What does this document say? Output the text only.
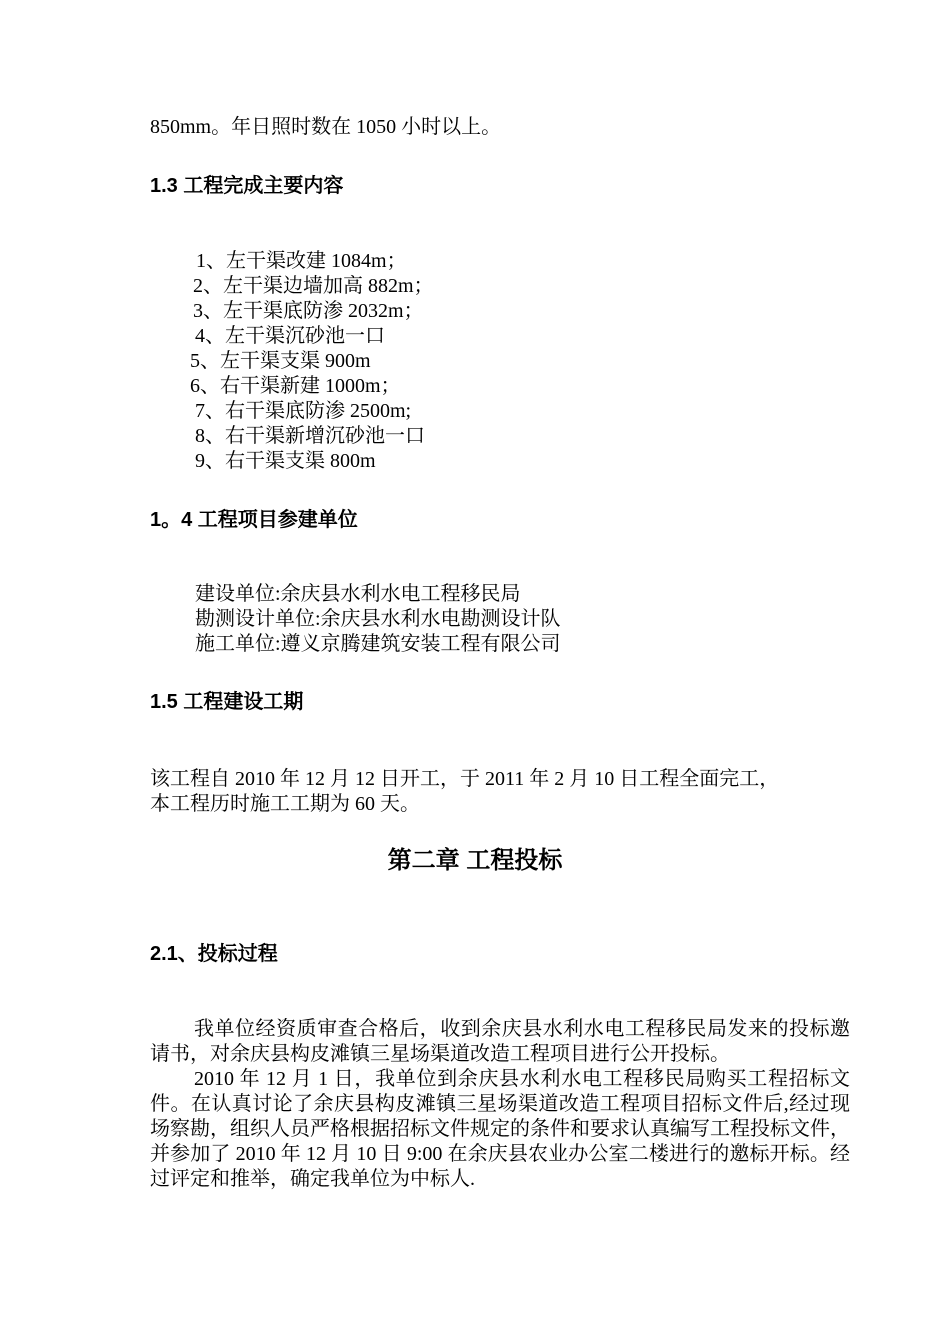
850mm。年日照时数在 1050 小时以上。
1.3 工程完成主要内容
1、左干渠改建 1084m；
2、左干渠边墙加高 882m；
3、左干渠底防渗 2032m；
4、左干渠沉砂池一口
5、左干渠支渠 900m
6、右干渠新建 1000m；
7、右干渠底防渗 2500m;
8、右干渠新增沉砂池一口
9、右干渠支渠 800m
1。4 工程项目参建单位
建设单位:余庆县水利水电工程移民局
勘测设计单位:余庆县水利水电勘测设计队
施工单位:遵义京腾建筑安装工程有限公司
1.5 工程建设工期
该工程自 2010 年 12 月 12 日开工，于 2011 年 2 月 10 日工程全面完工，
本工程历时施工工期为 60 天。
第二章 工程投标
2.1、投标过程

我单位经资质审查合格后，收到余庆县水利水电工程移民局发来的投标邀请书，对余庆县构皮滩镇三星场渠道改造工程项目进行公开投标。

2010 年 12 月 1 日，我单位到余庆县水利水电工程移民局购买工程招标文件。在认真讨论了余庆县构皮滩镇三星场渠道改造工程项目招标文件后,经过现场察勘，组织人员严格根据招标文件规定的条件和要求认真编写工程投标文件，并参加了 2010 年 12 月 10 日 9:00 在余庆县农业办公室二楼进行的邀标开标。经过评定和推举，确定我单位为中标人.
